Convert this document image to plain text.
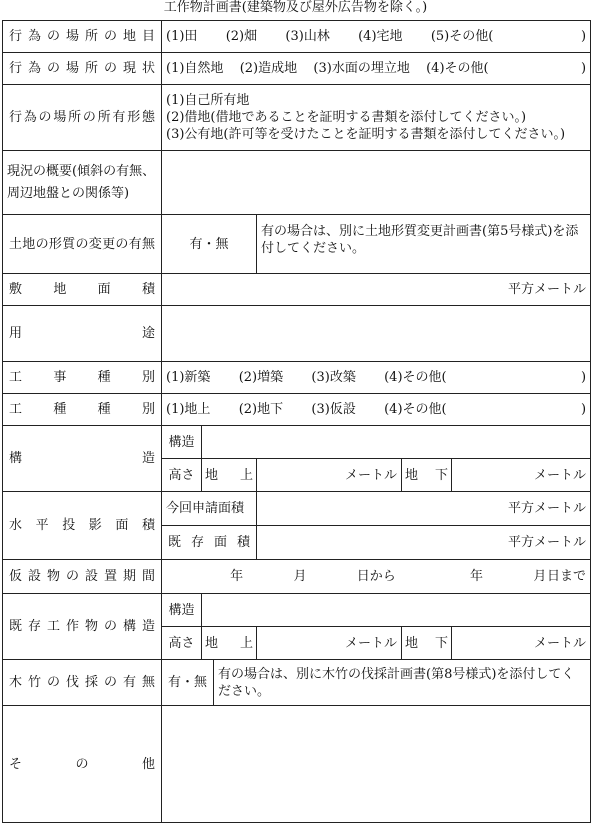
工作物計画書(建築物及び屋外広告物を除く。)
行為の場所の地目	(1)田 (2)畑 (3)山林 (4)宅地 (5)その他( )					

行為の場所の現状	(1)自然地 (2)造成地 (3)水面の埋立地 (4)その他( )					

行為の場所の所有形態	(1)自己所有地
(2)借地(借地であることを証明する書類を添付してください。)
(3)公有地(許可等を受けたことを証明する書類を添付してください。)					

現況の概要(傾斜の有無、周辺地盤との関係等)						
土地の形質の変更の有無	有・無			有の場合は、別に土地形質変更計画書(第5号様式)を添付してください。		
敷地面積	平方メートル					
用途						
工事種別	(1)新築 (2)増築 (3)改築 (4)その他( )					

工種種別	(1)地上 (2)地下 (3)仮設 (4)その他( )					

構造	構造					
	高さ	地上		メートル	地下	メートル
水平投影面積	今回申請面積			平方メートル		
	既存面積			平方メートル		
仮設物の設置期間	年 月 日から 年 月 日まで					

既存工作物の構造	構造					
	高さ	地上		メートル	地下	メートル
木竹の伐採の有無	有・無		有の場合は、別に木竹の伐採計画書(第8号様式)を添付してください。			
その他						
